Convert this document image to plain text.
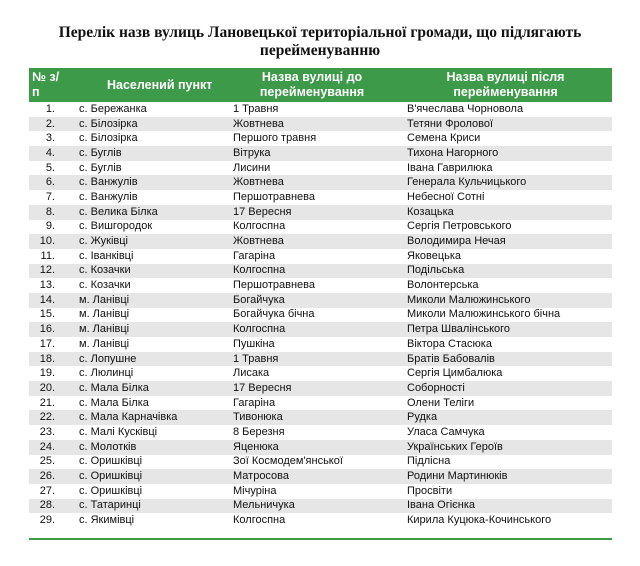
Перелік назв вулиць Лановецької територіальної громади, що підлягають перейменуванню
№ з/п	Населений пункт	Назва вулиці до перейменування	Назва вулиці після перейменування
1.	с. Бережанка	1 Травня	В'ячеслава Чорновола
2.	с. Білозірка	Жовтнева	Тетяни Фролової
3.	с. Білозірка	Першого травня	Семена Криси
4.	с. Буглів	Вітрука	Тихона Нагорного
5.	с. Буглів	Лисини	Івана Гаврилюка
6.	с. Ванжулів	Жовтнева	Генерала Кульчицького
7.	с. Ванжулів	Першотравнева	Небесної Сотні
8.	с. Велика Білка	17 Вересня	Козацька
9.	с. Вишгородок	Колгоспна	Сергія Петровського
10.	с. Жуківці	Жовтнева	Володимира Нечая
11.	с. Іванківці	Гагаріна	Яковецька
12.	с. Козачки	Колгоспна	Подільська
13.	с. Козачки	Першотравнева	Волонтерська
14.	м. Ланівці	Богайчука	Миколи Малюжинського
15.	м. Ланівці	Богайчука бічна	Миколи Малюжинського бічна
16.	м. Ланівці	Колгоспна	Петра Швалінського
17.	м. Ланівці	Пушкіна	Віктора Стасюка
18.	с. Лопушне	1 Травня	Братів Бабовалів
19.	с. Люлинці	Лисака	Сергія Цимбалюка
20.	с. Мала Білка	17 Вересня	Соборності
21.	с. Мала Білка	Гагаріна	Олени Теліги
22.	с. Мала Карначівка	Тивонюка	Рудка
23.	с. Малі Кусківці	8 Березня	Уласа Самчука
24.	с. Молотків	Яценюка	Українських Героїв
25.	с. Оришківці	Зої Космодем'янської	Підлісна
26.	с. Оришківці	Матросова	Родини Мартинюків
27.	с. Оришківці	Мічуріна	Просвіти
28.	с. Татаринці	Мельничука	Івана Огієнка
29.	с. Якимівці	Колгоспна	Кирила Куцюка-Кочинського
